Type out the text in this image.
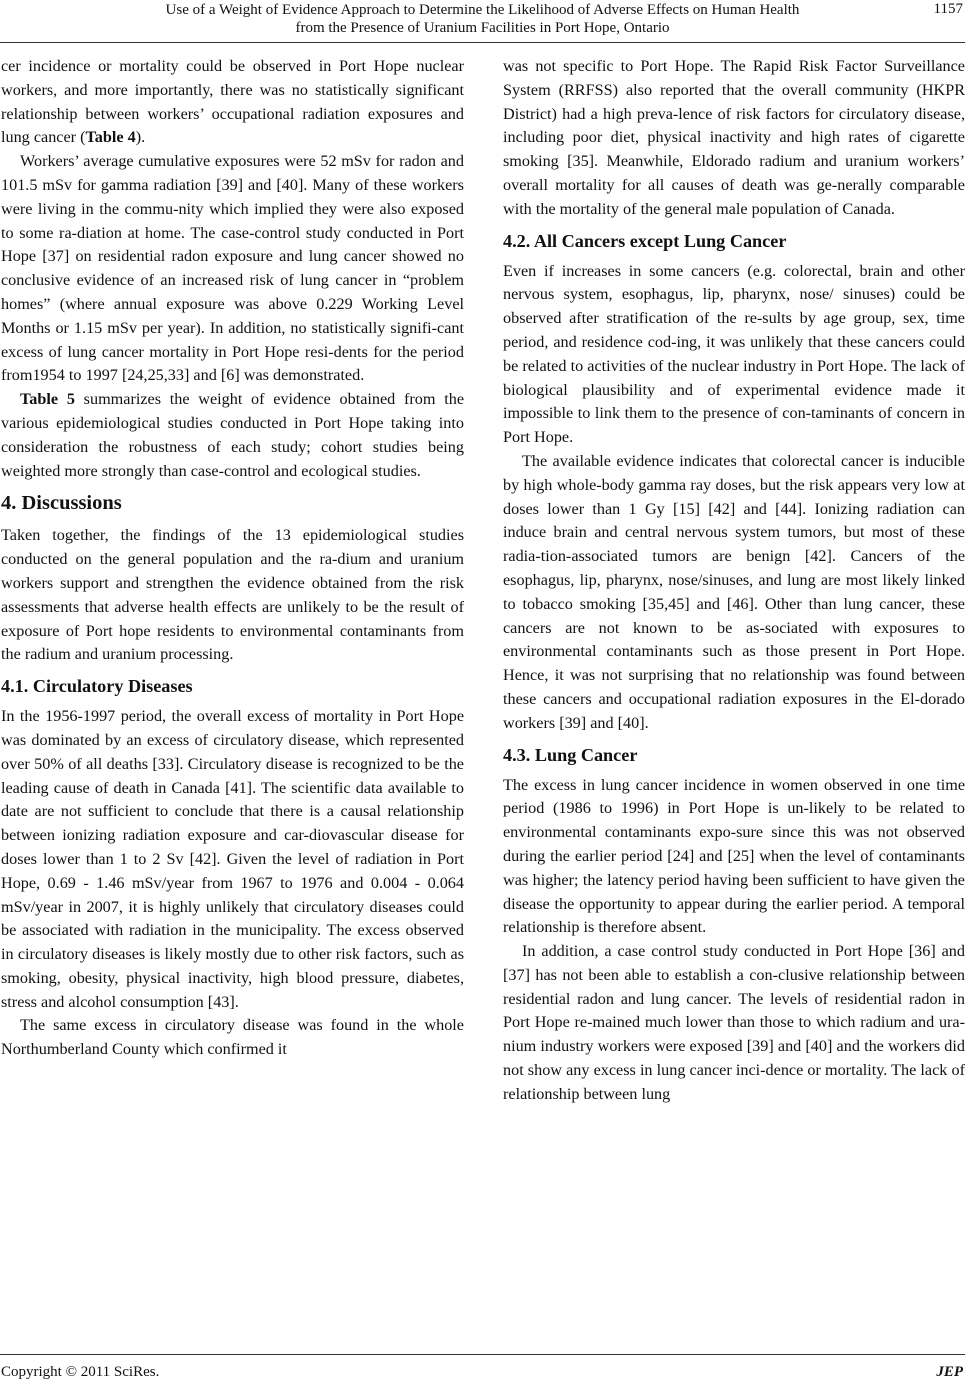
Use of a Weight of Evidence Approach to Determine the Likelihood of Adverse Effects on Human Health
from the Presence of Uranium Facilities in Port Hope, Ontario
1157

cer incidence or mortality could be observed in Port Hope nuclear workers, and more importantly, there was no statistically significant relationship between workers’ occupational radiation exposures and lung cancer (Table 4).

Workers’ average cumulative exposures were 52 mSv for radon and 101.5 mSv for gamma radiation [39] and [40]. Many of these workers were living in the commu-nity which implied they were also exposed to some ra-diation at home. The case-control study conducted in Port Hope [37] on residential radon exposure and lung cancer showed no conclusive evidence of an increased risk of lung cancer in “problem homes” (where annual exposure was above 0.229 Working Level Months or 1.15 mSv per year). In addition, no statistically signifi-cant excess of lung cancer mortality in Port Hope resi-dents for the period from1954 to 1997 [24,25,33] and [6] was demonstrated.

Table 5 summarizes the weight of evidence obtained from the various epidemiological studies conducted in Port Hope taking into consideration the robustness of each study; cohort studies being weighted more strongly than case-control and ecological studies.

4. Discussions

Taken together, the findings of the 13 epidemiological studies conducted on the general population and the ra-dium and uranium workers support and strengthen the evidence obtained from the risk assessments that adverse health effects are unlikely to be the result of exposure of Port hope residents to environmental contaminants from the radium and uranium processing.

4.1. Circulatory Diseases

In the 1956-1997 period, the overall excess of mortality in Port Hope was dominated by an excess of circulatory disease, which represented over 50% of all deaths [33]. Circulatory disease is recognized to be the leading cause of death in Canada [41]. The scientific data available to date are not sufficient to conclude that there is a causal relationship between ionizing radiation exposure and car-diovascular disease for doses lower than 1 to 2 Sv [42]. Given the level of radiation in Port Hope, 0.69 - 1.46 mSv/year from 1967 to 1976 and 0.004 - 0.064 mSv/year in 2007, it is highly unlikely that circulatory diseases could be associated with radiation in the municipality. The excess observed in circulatory diseases is likely mostly due to other risk factors, such as smoking, obesity, physical inactivity, high blood pressure, diabetes, stress and alcohol consumption [43].

The same excess in circulatory disease was found in the whole Northumberland County which confirmed it

was not specific to Port Hope. The Rapid Risk Factor Surveillance System (RRFSS) also reported that the overall community (HKPR District) had a high preva-lence of risk factors for circulatory disease, including poor diet, physical inactivity and high rates of cigarette smoking [35]. Meanwhile, Eldorado radium and uranium workers’ overall mortality for all causes of death was ge-nerally comparable with the mortality of the general male population of Canada.

4.2. All Cancers except Lung Cancer

Even if increases in some cancers (e.g. colorectal, brain and other nervous system, esophagus, lip, pharynx, nose/ sinuses) could be observed after stratification of the re-sults by age group, sex, time period, and residence cod-ing, it was unlikely that these cancers could be related to activities of the nuclear industry in Port Hope. The lack of biological plausibility and of experimental evidence made it impossible to link them to the presence of con-taminants of concern in Port Hope.

The available evidence indicates that colorectal cancer is inducible by high whole-body gamma ray doses, but the risk appears very low at doses lower than 1 Gy [15] [42] and [44]. Ionizing radiation can induce brain and central nervous system tumors, but most of these radia-tion-associated tumors are benign [42]. Cancers of the esophagus, lip, pharynx, nose/sinuses, and lung are most likely linked to tobacco smoking [35,45] and [46]. Other than lung cancer, these cancers are not known to be as-sociated with exposures to environmental contaminants such as those present in Port Hope. Hence, it was not surprising that no relationship was found between these cancers and occupational radiation exposures in the El-dorado workers [39] and [40].

4.3. Lung Cancer

The excess in lung cancer incidence in women observed in one time period (1986 to 1996) in Port Hope is un-likely to be related to environmental contaminants expo-sure since this was not observed during the earlier period [24] and [25] when the level of contaminants was higher; the latency period having been sufficient to have given the disease the opportunity to appear during the earlier period. A temporal relationship is therefore absent.

In addition, a case control study conducted in Port Hope [36] and [37] has not been able to establish a con-clusive relationship between residential radon and lung cancer. The levels of residential radon in Port Hope re-mained much lower than those to which radium and ura-nium industry workers were exposed [39] and [40] and the workers did not show any excess in lung cancer inci-dence or mortality. The lack of relationship between lung

Copyright © 2011 SciRes.	JEP
